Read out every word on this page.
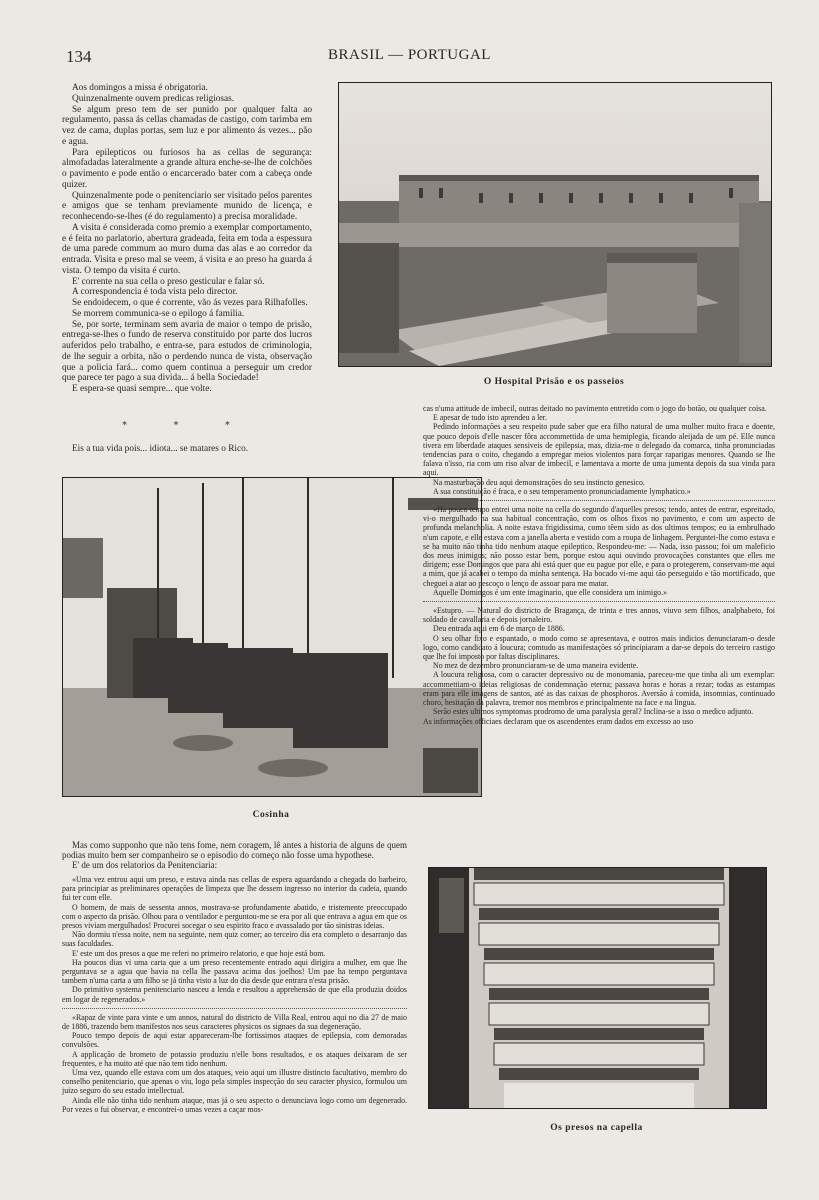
BRASIL — PORTUGAL
134

Aos domingos a missa é obrigatoria.

Quinzenalmente ouvem predicas religiosas.

Se algum preso tem de ser punido por qualquer falta ao regulamento, passa ás cellas chamadas de castigo, com tarimba em vez de cama, duplas portas, sem luz e por alimento ás vezes... pão e agua.

Para epilepticos ou furiosos ha as cellas de segurança: almofadadas lateralmente a grande altura enche-se-lhe de colchões o pavimento e pode então o encarcerado bater com a cabeça onde quizer.

Quinzenalmente pode o penitenciario ser visitado pelos parentes e amigos que se tenham previamente munido de licença, e reconhecendo-se-lhes (é do regulamento) a precisa moralidade.

A visita é considerada como premio a exemplar comportamento, e é feita no parlatorio, abertura gradeada, feita em toda a espessura de uma parede commum ao muro duma das alas e ao corredor da entrada. Visita e preso mal se veem, á visita e ao preso ha guarda á vista. O tempo da visita é curto.

E' corrente na sua cella o preso gesticular e falar só.

A correspondencia é toda vista pelo director.

Se endoidecem, o que é corrente, vão ás vezes para Rilhafolles.

Se morrem communica-se o epilogo á familia.

Se, por sorte, terminam sem avaria de maior o tempo de prisão, entrega-se-lhes o fundo de reserva constituido por parte dos lucros auferidos pelo trabalho, e entra-se, para estudos de criminologia, de lhe seguir a orbita, não o perdendo nunca de vista, observação que a policia fará... como quem continua a perseguir um credor que parece ter pago a sua divida... á bella Sociedade!

E espera-se quasi sempre... que volte.

* * *

Eis a tua vida pois... idiota... se matares o Rico.

O Hospital Prisão e os passeios
Cosinha

cas n'uma attitude de imbecil, outras deitado no pavimento entretido com o jogo do botão, ou qualquer coisa.

E apesar de tudo isto aprendeu a ler.

Pedindo informações a seu respeito pude saber que era filho natural de uma mulher muito fraca e doente, que pouco depois d'elle nascer fôra accommettida de uma hemiplegia, ficando aleijada de um pé. Elle nunca tivera em liberdade ataques sensiveis de epilepsia, mas, dizia-me o delegado da comarca, tinha pronunciadas tendencias para o coito, chegando a empregar meios violentos para forçar raparigas menores. Quando se lhe falava n'isso, ria com um riso alvar de imbecil, e lamentava a morte de uma jumenta depois da sua vinda para aqui.

Na masturbação deu aqui demonstrações do seu instincto genesico.

A sua constituição é fraca, e o seu temperamento pronunciadamente lymphatico.»

«Ha pouco tempo entrei uma noite na cella do segundo d'aquelles presos; tendo, antes de entrar, espreitado, vi-o mergulhado na sua habitual concentração, com os olhos fixos no pavimento, e com um aspecto de profunda melancholia. A noite estava frigidissima, como têem sido as dos ultimos tempos; eu ia embrulhado n'um capote, e elle estava com a janella aberta e vestido com a roupa de linhagem. Perguntei-lhe como estava e se ha muito não tinha tido nenhum ataque epileptico. Respondeu-me: — Nada, isso passou; foi um maleficio dos meus inimigos; não posso estar bem, porque estou aqui ouvindo provocações constantes que elles me dirigem; esse Domingos que para ahi está quer que eu pague por elle, e para o protegerem, conservam-me aqui a mim, que já acabei o tempo da minha sentença. Ha bocado vi-me aqui tão perseguido e tão mortificado, que cheguei a atar ao pescoço o lenço de assoar para me matar.

Aquelle Domingos é um ente imaginario, que elle considera um inimigo.»

«Estupro. — Natural do districto de Bragança, de trinta e tres annos, viuvo sem filhos, analphabeto, foi soldado de cavallaria e depois jornaleiro.

Deu entrada aqui em 6 de março de 1886.

O seu olhar fixo e espantado, o modo como se apresentava, e outros mais indicios denunciaram-o desde logo, como candidato á loucura; comtudo as manifestações só principiaram a dar-se depois do terceiro castigo que lhe foi imposto por faltas disciplinares.

No mez de dezembro pronunciaram-se de uma maneira evidente.

A loucura religiosa, com o caracter depressivo ou de monomania, pareceu-me que tinha ali um exemplar: accommettiam-o ideias religiosas de condemnação eterna; passava horas e horas a rezar; todas as estampas eram para elle imagens de santos, até as das caixas de phosphoros. Aversão á comida, insomnias, continuado choro, hesitação da palavra, tremor nos membros e principalmente na face e na lingua.

Serão estes ultimos symptomas prodromo de uma paralysia geral? Inclina-se a isso o medico adjunto.

As informações officiaes declaram que os ascendentes eram dados em excesso ao uso

Mas como supponho que não tens fome, nem coragem, lê antes a historia de alguns de quem podias muito bem ser companheiro se o episodio do começo não fosse uma hypothese.

E' de um dos relatorios da Penitenciaria:

«Uma vez entrou aqui um preso, e estava ainda nas cellas de espera aguardando a chegada do barbeiro, para principiar as preliminares operações de limpeza que lhe dessem ingresso no interior da cadeia, quando fui ter com elle.

O homem, de mais de sessenta annos, mostrava-se profundamente abatido, e tristemente preoccupado com o aspecto da prisão. Olhou para o ventilador e perguntou-me se era por ali que entrava a agua em que os presos viviam mergulhados! Procurei socegar o seu espirito fraco e avassalado por tão sinistras ideias.

Não dormiu n'essa noite, nem na seguinte, nem quiz comer; ao terceiro dia era completo o desarranjo das suas faculdades.

E' este um dos presos a que me referi no primeiro relatorio, e que hoje está bom.

Ha poucos dias vi uma carta que a um preso recentemente entrado aqui dirigira a mulher, em que lhe perguntava se a agua que havia na cella lhe passava acima dos joelhos! Um pae ha tempo perguntava tambem n'uma carta a um filho se já tinha visto a luz do dia desde que entrara n'esta prisão.

Do primitivo systema penitenciario nasceu a lenda e resultou a apprehensão de que ella produzia doidos em logar de regenerados.»

«Rapaz de vinte para vinte e um annos, natural do districto de Villa Real, entrou aqui no dia 27 de maio de 1886, trazendo bem manifestos nos seus caracteres physicos os signaes da sua degeneração.

Pouco tempo depois de aqui estar appareceram-lhe fortissimos ataques de epilepsia, com demoradas convulsões.

A applicação de brometo de potassio produziu n'elle bons resultados, e os ataques deixaram de ser frequentes, e ha muito até que não tem tido nenhum.

Uma vez, quando elle estava com um dos ataques, veio aqui um illustre distincto facultativo, membro do conselho penitenciario, que apenas o viu, logo pela simples inspecção do seu caracter physico, formulou um juizo seguro do seu estado intellectual.

Ainda elle não tinha tido nenhum ataque, mas já o seu aspecto o denunciava logo como um degenerado. Por vezes o fui observar, e encontrei-o umas vezes a caçar mos-

Os presos na capella
